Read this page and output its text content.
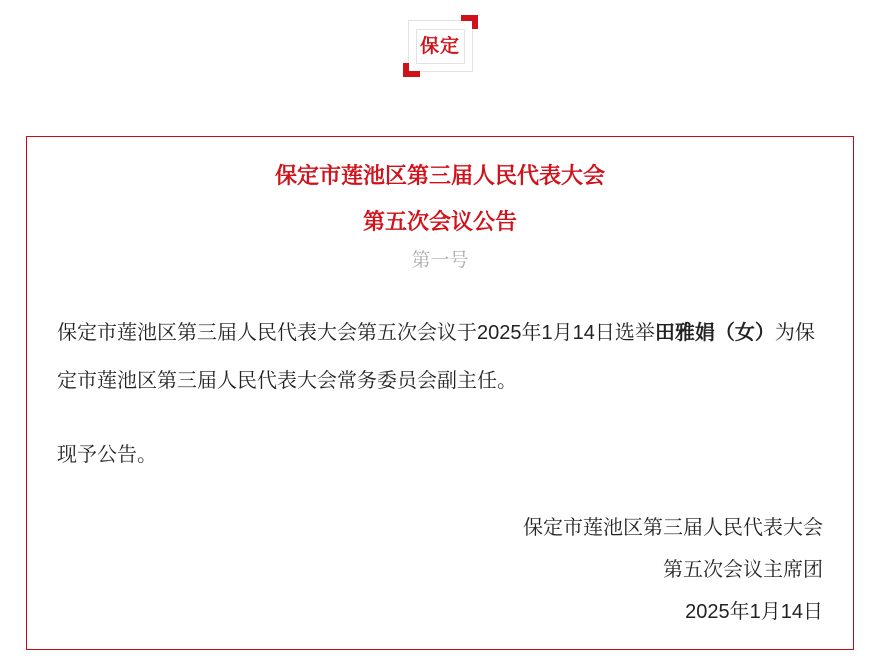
保定
保定市莲池区第三届人民代表大会
第五次会议公告
第一号

保定市莲池区第三届人民代表大会第五次会议于2025年1月14日选举田雅娟（女）为保定市莲池区第三届人民代表大会常务委员会副主任。

现予公告。

保定市莲池区第三届人民代表大会
第五次会议主席团
2025年1月14日
